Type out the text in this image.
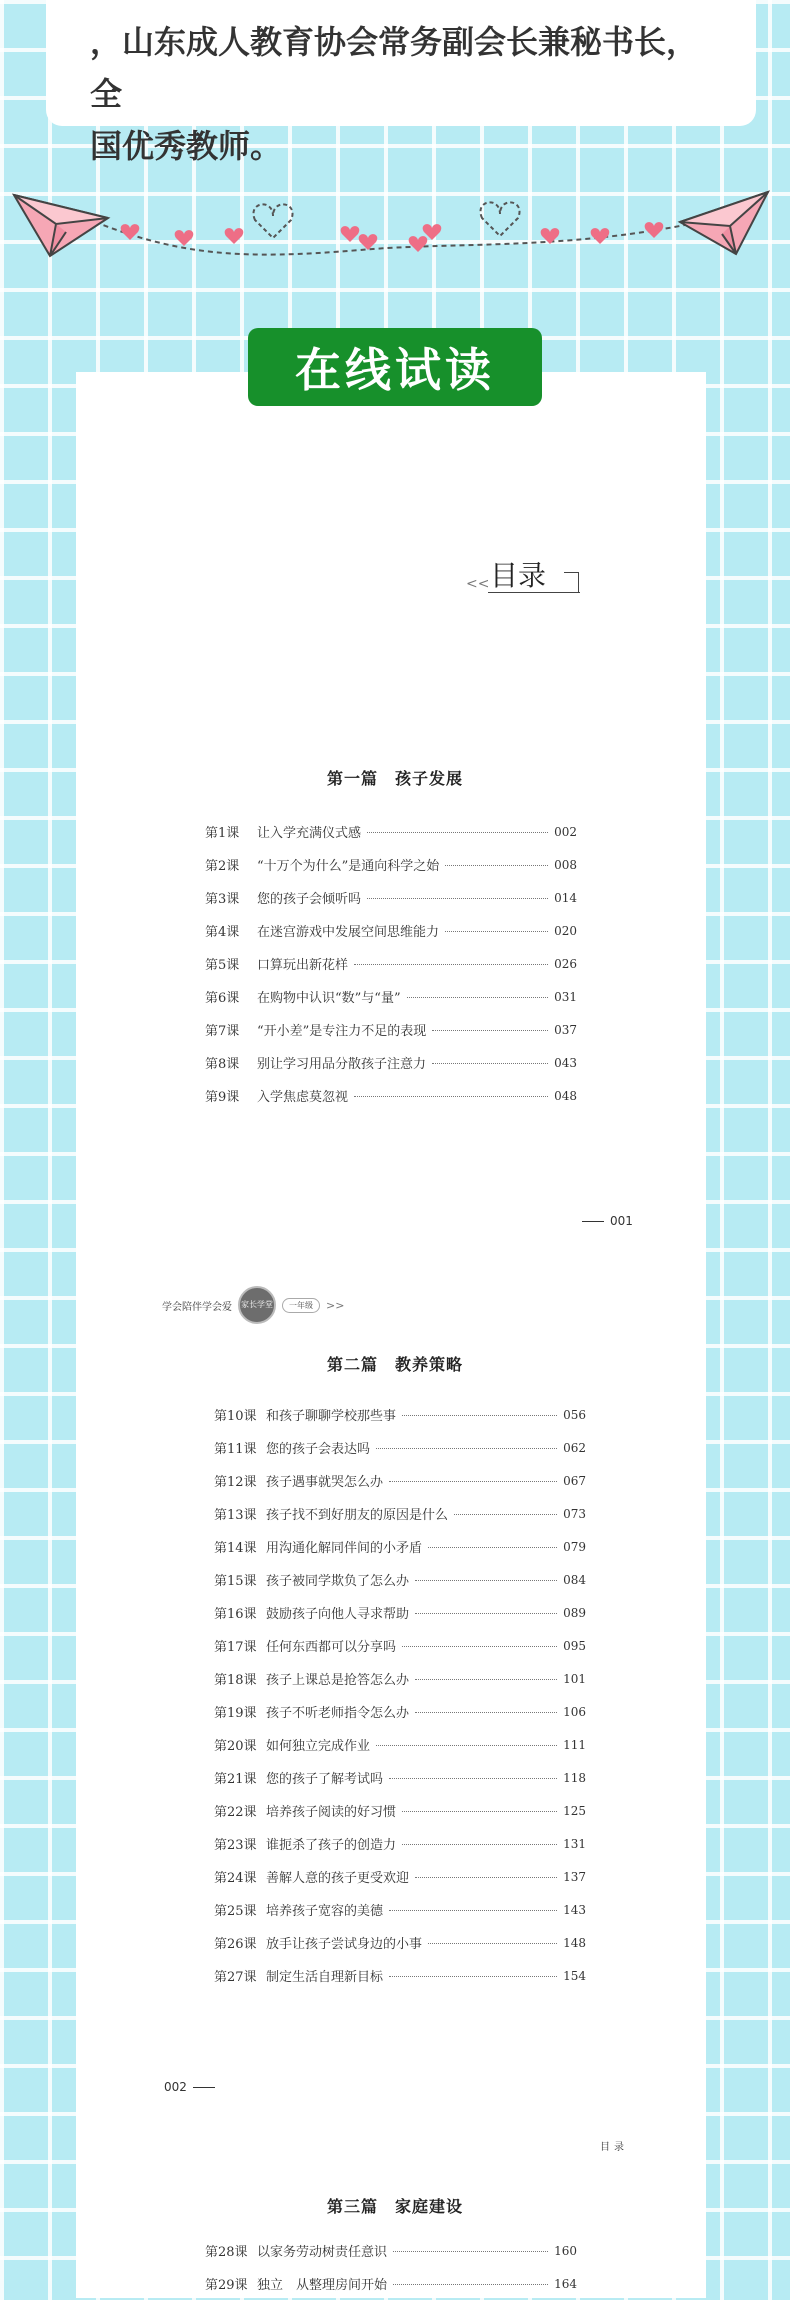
，山东成人教育协会常务副会长兼秘书长，全
国优秀教师。

在线试读
<< 目录
第一篇　孩子发展
第1课	让入学充满仪式感	002
第2课	“十万个为什么”是通向科学之始	008
第3课	您的孩子会倾听吗	014
第4课	在迷宫游戏中发展空间思维能力	020
第5课	口算玩出新花样	026
第6课	在购物中认识“数”与“量”	031
第7课	“开小差”是专注力不足的表现	037
第8课	别让学习用品分散孩子注意力	043
第9课	入学焦虑莫忽视	048
001
学会陪伴学会爱	家长学堂	一年级	>>
第二篇　教养策略
第10课 和孩子聊聊学校那些事	056
第11课 您的孩子会表达吗	062
第12课 孩子遇事就哭怎么办	067
第13课 孩子找不到好朋友的原因是什么	073
第14课 用沟通化解同伴间的小矛盾	079
第15课 孩子被同学欺负了怎么办	084
第16课 鼓励孩子向他人寻求帮助	089
第17课 任何东西都可以分享吗	095
第18课 孩子上课总是抢答怎么办	101
第19课 孩子不听老师指令怎么办	106
第20课 如何独立完成作业	111
第21课 您的孩子了解考试吗	118
第22课 培养孩子阅读的好习惯	125
第23课 谁扼杀了孩子的创造力	131
第24课 善解人意的孩子更受欢迎	137
第25课 培养孩子宽容的美德	143
第26课 放手让孩子尝试身边的小事	148
第27课 制定生活自理新目标	154
002
目录
第三篇　家庭建设
第28课 以家务劳动树责任意识	160
第29课 独立　从整理房间开始	164
